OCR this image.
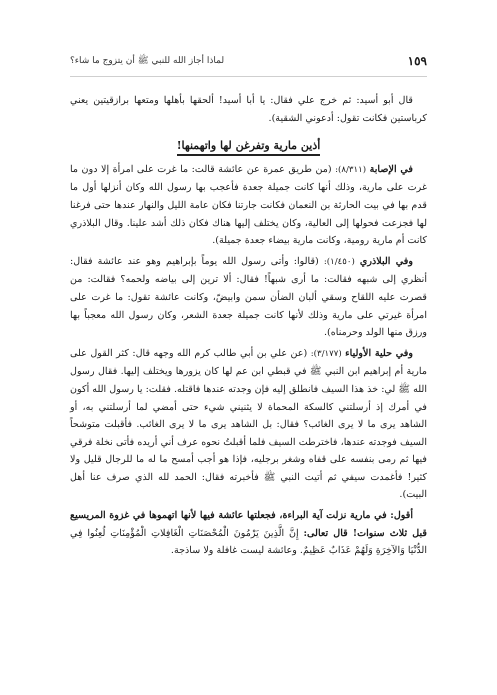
١٥٩
لماذا أجاز الله للنبي ﷺ أن يتزوج ما شاء؟

قال أبو أسيد: ثم خرج علي فقال: يا أبا أسيد! ألحقها بأهلها ومتعها برازقيتين يعني كرباستين فكانت تقول: أدعوني الشقية).

أذين مارية وتفرغن لها واتهمنها!

في الإصابة (٨/٣١١): (من طريق عمرة عن عائشة قالت: ما غرت على امرأة إلا دون ما غرت على مارية، وذلك أنها كانت جميلة جعدة فأعجب بها رسول الله وكان أنزلها أول ما قدم بها في بيت الحارثة بن النعمان فكانت جارتنا فكان عامة الليل والنهار عندها حتى فرغنا لها فجزعت فحولها إلى العالية، وكان يختلف إليها هناك فكان ذلك أشد علينا. وقال البلاذري كانت أم مارية رومية، وكانت مارية بيضاء جعدة جميلة).

وفي البلاذري (١/٤٥٠): (قالوا: وأتى رسول الله يوماً بإبراهيم وهو عند عائشة فقال: أنظري إلى شبهه فقالت: ما أرى شبهاً! فقال: ألا ترين إلى بياضه ولحمه؟ فقالت: من قصرت عليه اللقاح وسقي ألبان الضأن سمن وابيضّ، وكانت عائشة تقول: ما غرت على امرأة غيرتي على مارية وذلك لأنها كانت جميلة جعدة الشعر، وكان رسول الله معجباً بها ورزق منها الولد وحرمناه).

وفي حلية الأولياء (٣/١٧٧): (عن علي بن أبي طالب كرم الله وجهه قال: كثر القول على مارية أم إبراهيم ابن النبي ﷺ في قبطي ابن عم لها كان يزورها ويختلف إليها. فقال رسول الله ﷺ لي: خذ هذا السيف فانطلق إليه فإن وجدته عندها فاقتله. فقلت: يا رسول الله أكون في أمرك إذ أرسلتني كالسكة المحماة لا يثنيني شيء حتى أمضي لما أرسلتني به، أو الشاهد يرى ما لا يرى الغائب؟ فقال: بل الشاهد يرى ما لا يرى الغائب. فأقبلت متوشحاً السيف فوجدته عندها، فاخترطت السيف فلما أقبلتُ نحوه عرف أني أريده فأتى نخلة فرقي فيها ثم رمى بنفسه على قفاه وشغر برجليه، فإذا هو أجب أمسح ما له ما للرجال قليل ولا كثير! فأغمدت سيفي ثم أتيت النبي ﷺ فأخبرته فقال: الحمد لله الذي صرف عنا أهل البيت).

أقول: في مارية نزلت آية البراءة، فجعلتها عائشة فيها لأنها اتهموها في غزوة المريسيع قبل ثلاث سنوات! قال تعالى: إِنَّ الَّذِينَ يَرْمُونَ الْمُحْصَنَاتِ الْغَافِلاتِ الْمُؤْمِنَاتِ لُعِنُوا فِي الدُّنْيَا وَالآخِرَةِ وَلَهُمْ عَذَابٌ عَظِيمٌ. وعائشة ليست غافلة ولا ساذجة.
